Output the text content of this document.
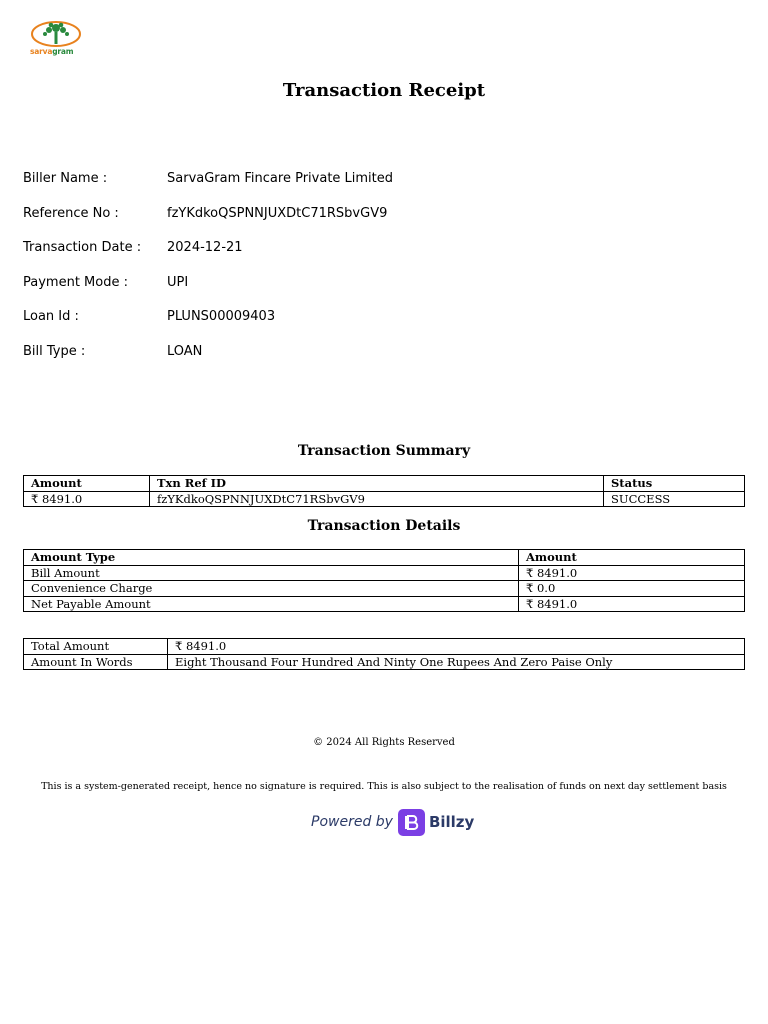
sarvagram
Transaction Receipt
Biller Name :	SarvaGram Fincare Private Limited
Reference No :	fzYKdkoQSPNNJUXDtC71RSbvGV9
Transaction Date : 2024-12-21
Payment Mode :	UPI
Loan Id :	PLUNS00009403
Bill Type :	LOAN
Transaction Summary
Amount	Txn Ref ID	Status
₹ 8491.0	fzYKdkoQSPNNJUXDtC71RSbvGV9	SUCCESS
Transaction Details
Amount Type	Amount
Bill Amount	₹ 8491.0
Convenience Charge	₹ 0.0
Net Payable Amount	₹ 8491.0
Total Amount	₹ 8491.0
Amount In Words	Eight Thousand Four Hundred And Ninty One Rupees And Zero Paise Only
© 2024 All Rights Reserved
This is a system-generated receipt, hence no signature is required. This is also subject to the realisation of funds on next day settlement basis
Powered by Billzy
